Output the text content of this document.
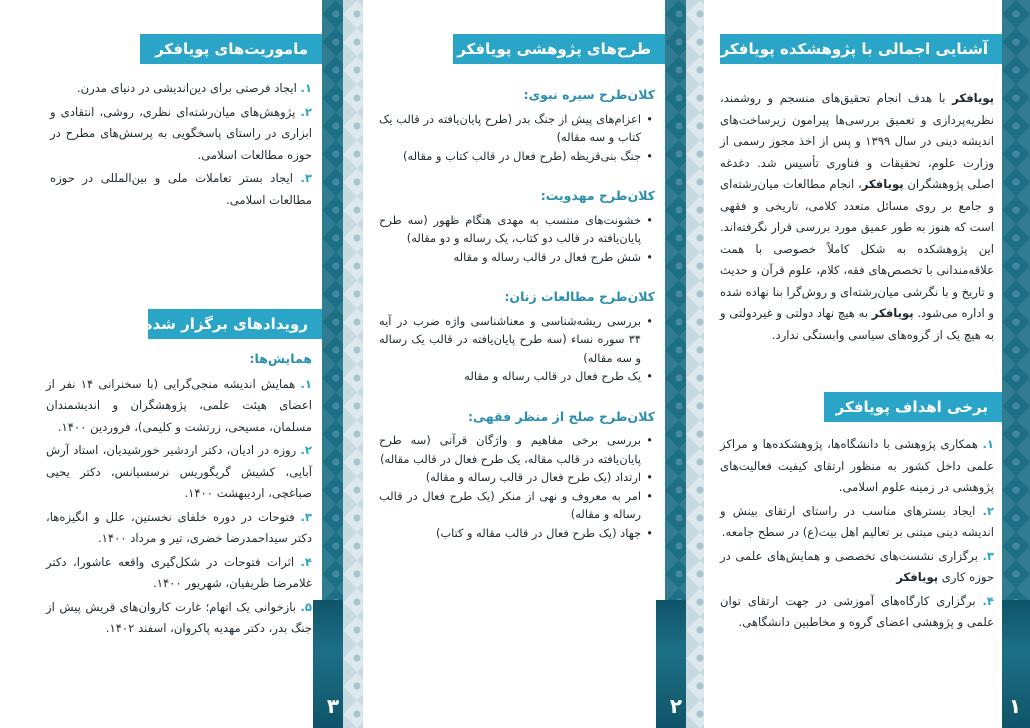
۳
ماموریت‌های پویافکر

۱. ایجاد فرصتی برای دین‌اندیشی در دنیای مدرن.

۲. پژوهش‌های میان‌رشته‌ای نظری، روشی، انتقادی و ابزاری در راستای پاسخگویی به پرسش‌های مطرح در حوزه مطالعات اسلامی.

۳. ایجاد بستر تعاملات ملی و بین‌المللی در حوزه مطالعات اسلامی.

رویدادهای برگزار شده
همایش‌ها:

۱. همایش اندیشه منجی‌گرایی (با سخنرانی ۱۴ نفر از اعضای هیئت علمی، پژوهشگران و اندیشمندان مسلمان، مسیحی، زرتشت و کلیمی)، فروردین ۱۴۰۰.

۲. روزه در ادیان، دکتر اردشیر خورشیدیان، استاد آرش آبایی، کشیش گریگوریس نرسسیانس، دکتر یحیی صباغچی، اردیبهشت ۱۴۰۰.

۳. فتوحات در دوره خلفای نخستین، علل و انگیزه‌ها، دکتر سیداحمدرضا خضری، تیر و مرداد ۱۴۰۰.

۴. اثرات فتوحات در شکل‌گیری واقعه عاشورا، دکتر غلامرضا ظریفیان، شهریور ۱۴۰۰.

۵. بازخوانی یک اتهام؛ غارت کاروان‌های قریش پیش از جنگ بدر، دکتر مهدیه پاکروان، اسفند ۱۴۰۲.

۲
طرح‌های پژوهشی پویافکر
کلان‌طرح سیره نبوی:
• اعزام‌های پیش از جنگ بدر (طرح پایان‌یافته در قالب یک کتاب و سه مقاله)
• جنگ بنی‌قریظه (طرح فعال در قالب کتاب و مقاله)
کلان‌طرح مهدویت:
• خشونت‌های منتسب به مهدی هنگام ظهور (سه طرح پایان‌یافته در قالب دو کتاب، یک رساله و دو مقاله)
• شش طرح فعال در قالب رساله و مقاله
کلان‌طرح مطالعات زنان:
• بررسی ریشه‌شناسی و معناشناسی واژه ضرب در آیه ۳۴ سوره نساء (سه طرح پایان‌یافته در قالب یک رساله و سه مقاله)
• یک طرح فعال در قالب رساله و مقاله
کلان‌طرح صلح از منظر فقهی:
• بررسی برخی مفاهیم و واژگان قرآنی (سه طرح پایان‌یافته در قالب مقاله، یک طرح فعال در قالب مقاله)
• ارتداد (یک طرح فعال در قالب رساله و مقاله)
• امر به معروف و نهی از منکر (یک طرح فعال در قالب رساله و مقاله)
• جهاد (یک طرح فعال در قالب مقاله و کتاب)
۱
آشنایی اجمالی با پژوهشکده پویافکر

پویافکر با هدف انجام تحقیق‌های منسجم و روشمند، نظریه‌پردازی و تعمیق بررسی‌ها پیرامون زیرساخت‌های اندیشه دینی در سال ۱۳۹۹ و پس از اخذ مجوز رسمی از وزارت علوم، تحقیقات و فناوری تأسیس شد. دغدغه اصلی پژوهشگران پویافکر، انجام مطالعات میان‌رشته‌ای و جامع بر روی مسائل متعدد کلامی، تاریخی و فقهی است که هنوز به طور عمیق مورد بررسی قرار نگرفته‌اند. این پژوهشکده به شکل کاملاً خصوصی با همت علاقه‌مندانی با تخصص‌های فقه، کلام، علوم قرآن و حدیث و تاریخ و با نگرشی میان‌رشته‌ای و روش‌گرا بنا نهاده شده و اداره می‌شود. پویافکر به هیچ نهاد دولتی و غیردولتی و به هیچ یک از گروه‌های سیاسی وابستگی ندارد.

برخی اهداف پویافکر

۱. همکاری پژوهشی با دانشگاه‌ها، پژوهشکده‌ها و مراکز علمی داخل کشور به منظور ارتقای کیفیت فعالیت‌های پژوهشی در زمینه علوم اسلامی.

۲. ایجاد بسترهای مناسب در راستای ارتقای بینش و اندیشه دینی مبتنی بر تعالیم اهل بیت(ع) در سطح جامعه.

۳. برگزاری نشست‌های تخصصی و همایش‌های علمی در حوزه کاری پویافکر

۴. برگزاری کارگاه‌های آموزشی در جهت ارتقای توان علمی و پژوهشی اعضای گروه و مخاطبین دانشگاهی.
